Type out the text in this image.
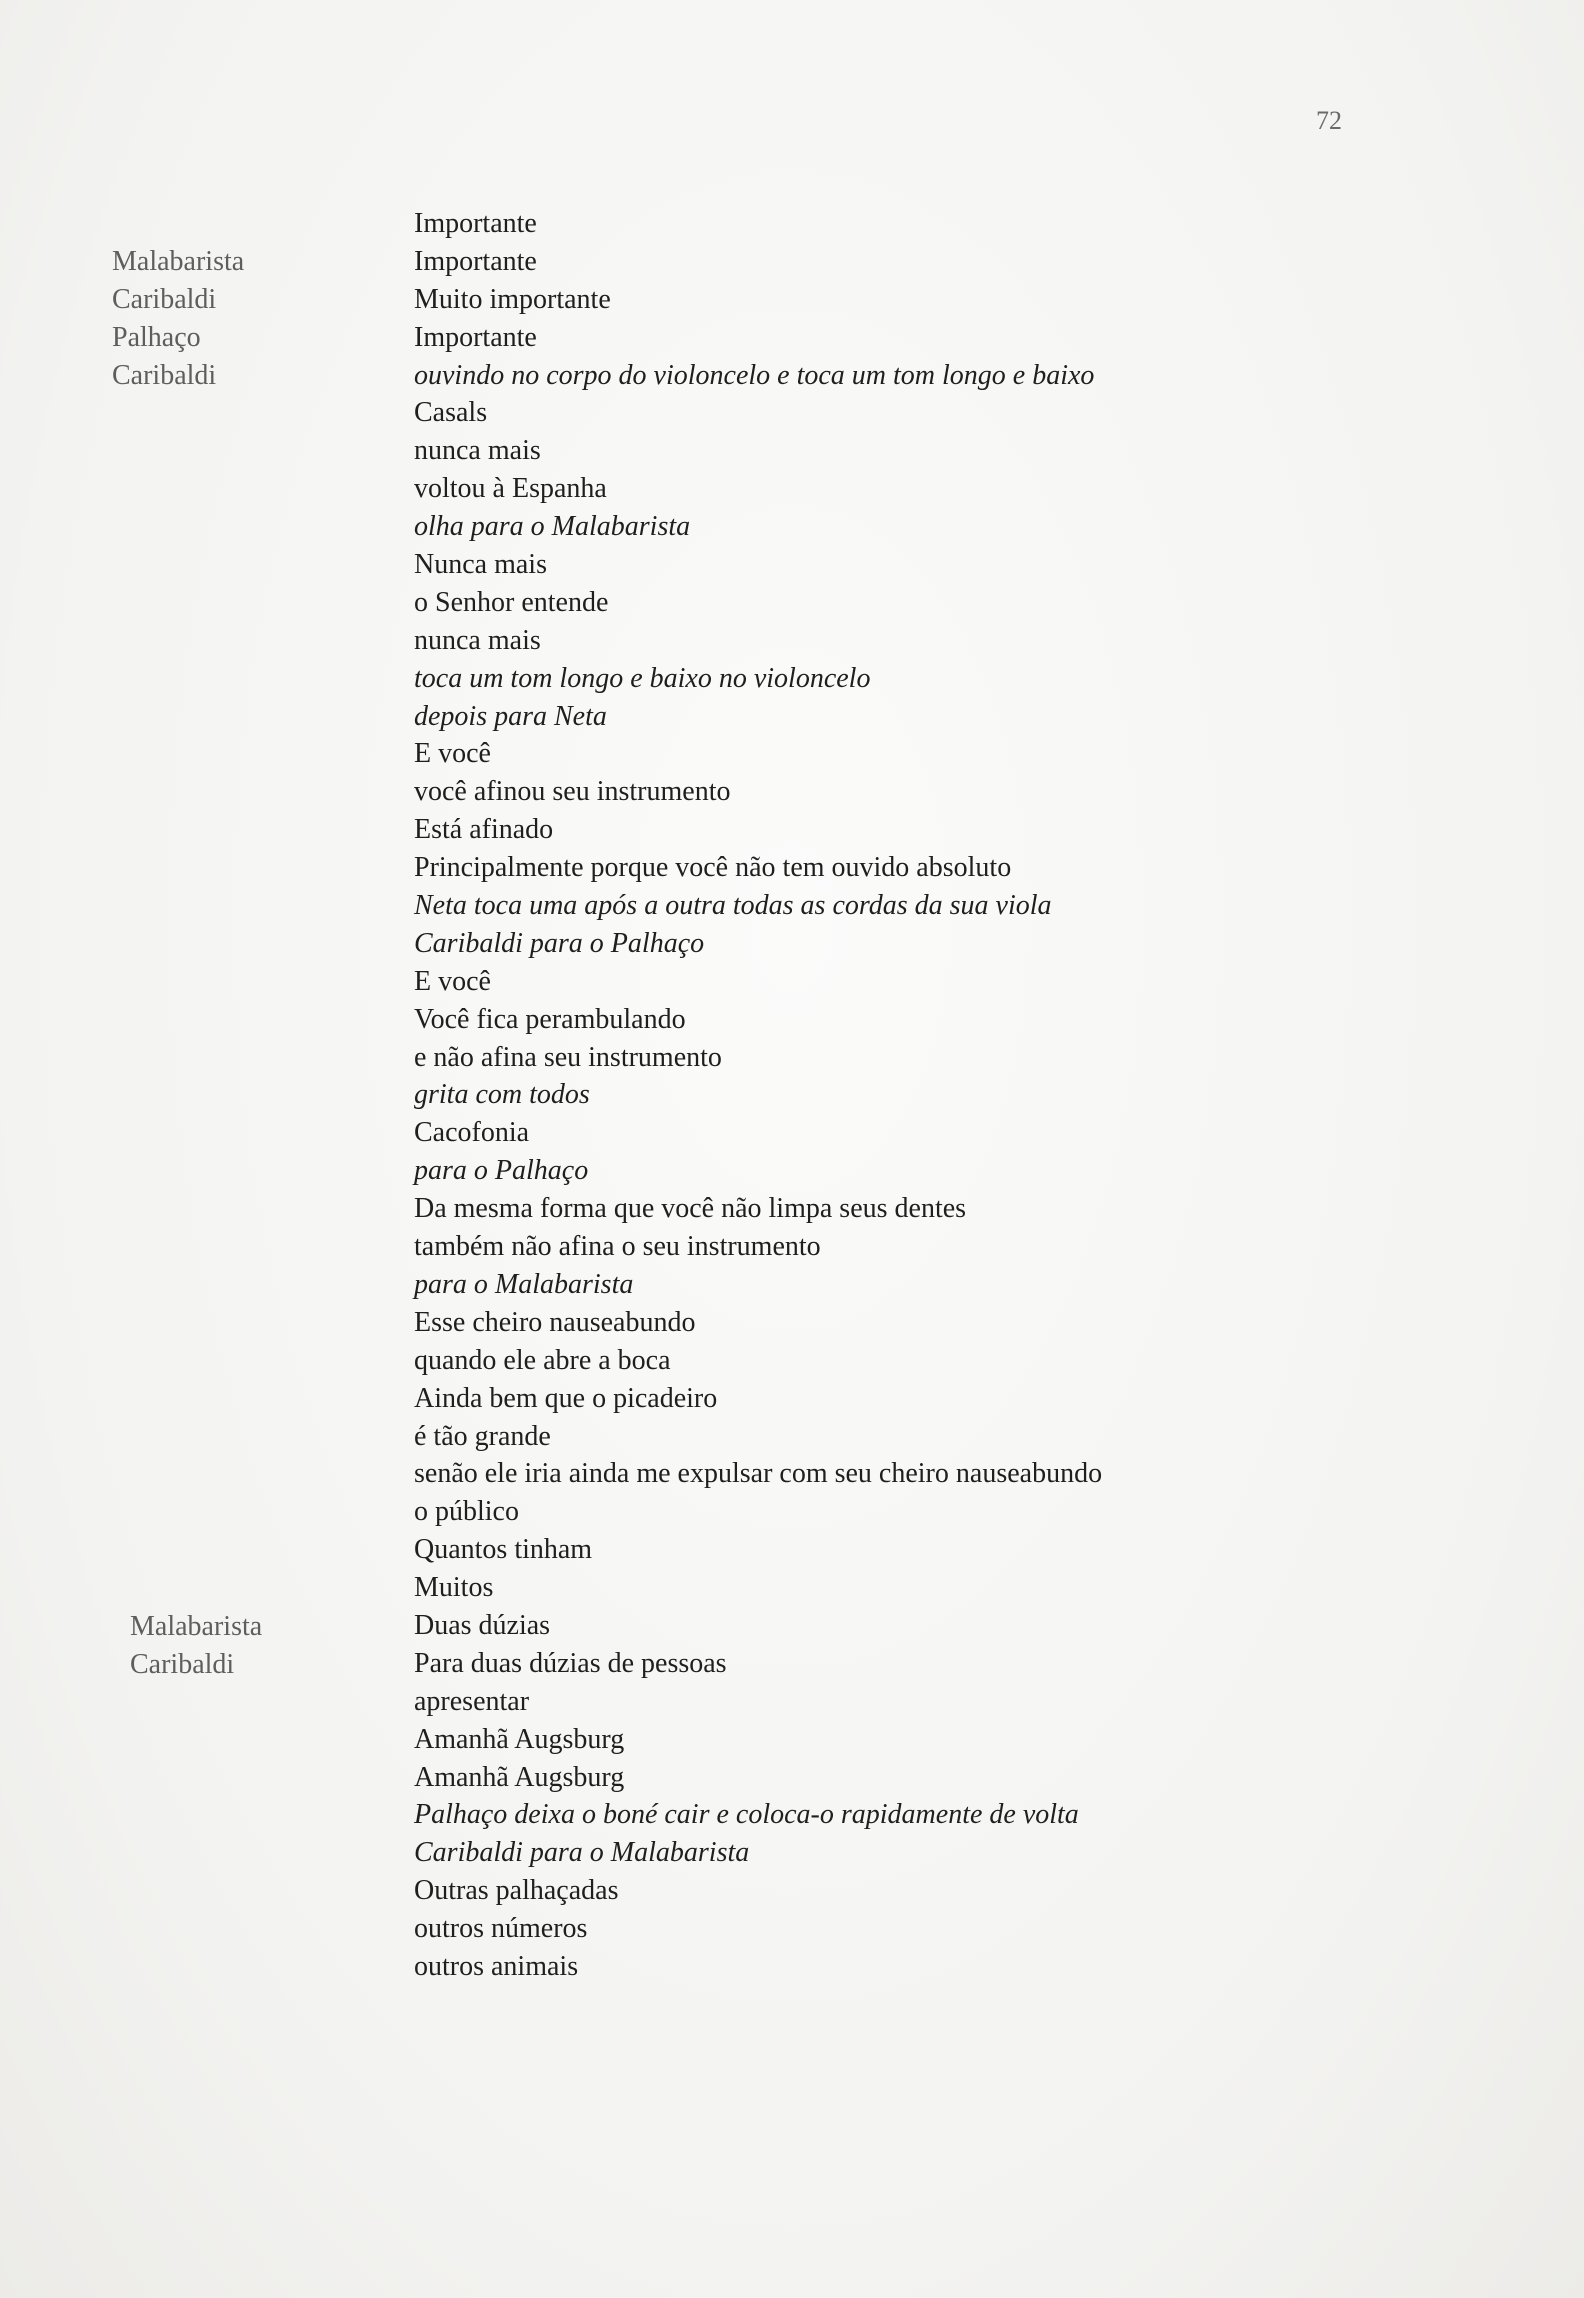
72
Malabarista
Caribaldi
Palhaço
Caribaldi
Malabarista
Caribaldi
Importante
Importante
Muito importante
Importante
ouvindo no corpo do violoncelo e toca um tom longo e baixo
Casals
nunca mais
voltou à Espanha
olha para o Malabarista
Nunca mais
o Senhor entende
nunca mais
toca um tom longo e baixo no violoncelo
depois para Neta
E você
você afinou seu instrumento
Está afinado
Principalmente porque você não tem ouvido absoluto
Neta toca uma após a outra todas as cordas da sua viola
Caribaldi para o Palhaço
E você
Você fica perambulando
e não afina seu instrumento
grita com todos
Cacofonia
para o Palhaço
Da mesma forma que você não limpa seus dentes
também não afina o seu instrumento
para o Malabarista
Esse cheiro nauseabundo
quando ele abre a boca
Ainda bem que o picadeiro
é tão grande
senão ele iria ainda me expulsar com seu cheiro nauseabundo
o público
Quantos tinham
Muitos
Duas dúzias
Para duas dúzias de pessoas
apresentar
Amanhã Augsburg
Amanhã Augsburg
Palhaço deixa o boné cair e coloca-o rapidamente de volta
Caribaldi para o Malabarista
Outras palhaçadas
outros números
outros animais
